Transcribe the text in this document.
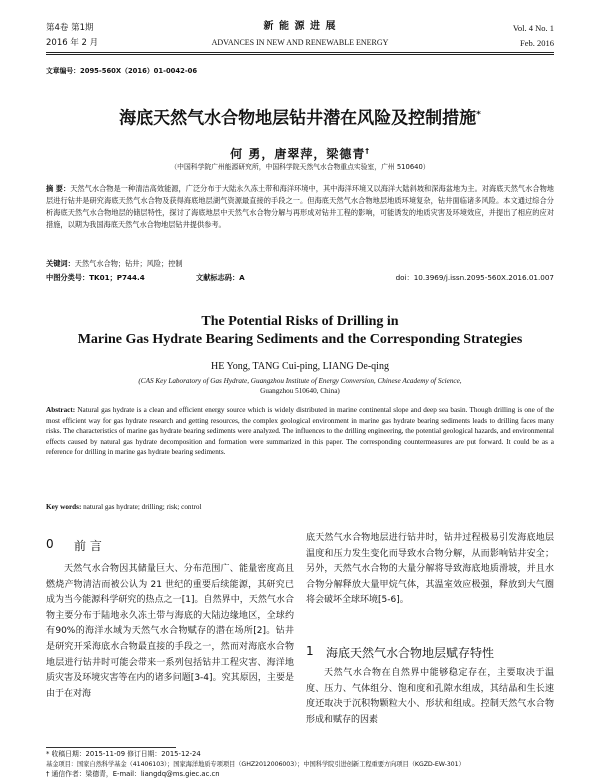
第4卷 第1期	新 能 源 进 展	Vol. 4 No. 1
2016 年 2 月	ADVANCES IN NEW AND RENEWABLE ENERGY	Feb. 2016
文章编号：2095-560X（2016）01-0042-06
海底天然气水合物地层钻井潜在风险及控制措施*
何 勇，唐翠萍，梁德青†
（中国科学院广州能源研究所，中国科学院天然气水合物重点实验室，广州 510640）

摘 要：天然气水合物是一种清洁高效能源，广泛分布于大陆永久冻土带和海洋环境中，其中海洋环境又以海洋大陆斜坡和深海盆地为主。对海底天然气水合物地层进行钻井是研究海底天然气水合物及获得海底地层湖气资源最直接的手段之一。但海底天然气水合物地层地质环境复杂，钻井面临诸多风险。本文通过综合分析海底天然气水合物地层的储层特性，探讨了海底地层中天然气水合物分解与再形成对钻井工程的影响，可能诱发的地质灾害及环境效应，并提出了相应的应对措施，以期为我国海底天然气水合物地层钻井提供参考。

关键词：天然气水合物；钻井；风险；控制
中图分类号：TK01；P744.4	文献标志码：A	doi：10.3969/j.issn.2095-560X.2016.01.007
The Potential Risks of Drilling in
Marine Gas Hydrate Bearing Sediments and the Corresponding Strategies
HE Yong, TANG Cui-ping, LIANG De-qing
(CAS Key Laboratory of Gas Hydrate, Guangzhou Institute of Energy Conversion, Chinese Academy of Science,
Guangzhou 510640, China)

Abstract: Natural gas hydrate is a clean and efficient energy source which is widely distributed in marine continental slope and deep sea basin. Though drilling is one of the most efficient way for gas hydrate research and getting resources, the complex geological environment in marine gas hydrate bearing sediments leads to drilling faces many risks. The characteristics of marine gas hydrate bearing sediments were analyzed. The influences to the drilling engineering, the potential geological hazards, and environmental effects caused by natural gas hydrate decomposition and formation were summarized in this paper. The corresponding countermeasures are put forward. It could be as a reference for drilling in marine gas hydrate bearing sediments.

Key words: natural gas hydrate; drilling; risk; control
0 前 言

天然气水合物因其储量巨大、分布范围广、能量密度高且燃烧产物清洁而被公认为 21 世纪的重要后续能源，其研究已成为当今能源科学研究的热点之一[1]。自然界中，天然气水合物主要分布于陆地永久冻土带与海底的大陆边缘地区，全球约有90%的海洋水域为天然气水合物赋存的潜在场所[2]。钻井是研究开采海底水合物最直接的手段之一，然而对海底水合物地层进行钻井时可能会带来一系列包括钻井工程灾害、海洋地质灾害及环境灾害等在内的诸多问题[3-4]。究其原因，主要是由于在对海

底天然气水合物地层进行钻井时，钻井过程极易引发海底地层温度和压力发生变化而导致水合物分解，从而影响钻井安全；另外，天然气水合物的大量分解将导致海底地质滑坡，并且水合物分解释放大量甲烷气体，其温室效应极强，释放到大气圈将会破坏全球环境[5-6]。

1 海底天然气水合物地层赋存特性

天然气水合物在自然界中能够稳定存在，主要取决于温度、压力、气体组分、饱和度和孔隙水组成，其结晶和生长速度还取决于沉积物颗粒大小、形状和组成。控制天然气水合物形成和赋存的因素

* 收稿日期：2015-11-09 修订日期：2015-12-24
基金项目：国家自然科学基金（41406103）；国家海洋地质专项项目（GHZ2012006003）；中国科学院引进创新工程重要方向项目（KGZD-EW-301）
† 通信作者：梁德青，E-mail：liangdq@ms.giec.ac.cn
